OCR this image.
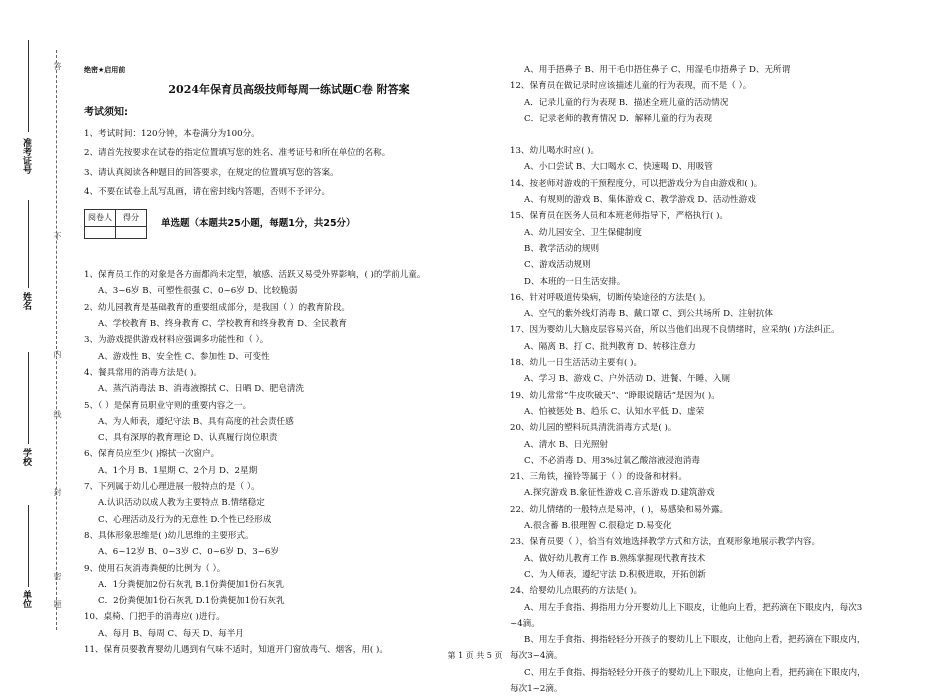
准考证号
姓名
学校
单位
答
不
内
线
封
密
题
绝密★启用前
2024年保育员高级技师每周一练试题C卷 附答案
考试须知:

1、考试时间：120分钟，本卷满分为100分。

2、请首先按要求在试卷的指定位置填写您的姓名、准考证号和所在单位的名称。

3、请认真阅读各种题目的回答要求，在规定的位置填写您的答案。

4、不要在试卷上乱写乱画，请在密封线内答题，否则不予评分。

阅卷人	得分

单选题（本题共25小题，每题1分，共25分）
1、保育员工作的对象是各方面都尚未定型，敏感、活跃又易受外界影响，( )的学前儿童。
A、3~6岁 B、可塑性很强 C、0~6岁 D、比较脆弱
2、幼儿园教育是基础教育的重要组成部分，是我国（ ）的教育阶段。
A、学校教育 B、终身教育 C、学校教育和终身教育 D、全民教育
3、为游戏提供游戏材料应强调多功能性和（ ）。
A、游戏性 B、安全性 C、参加性 D、可变性
4、餐具常用的消毒方法是( )。
A、蒸汽消毒法 B、消毒液擦拭 C、日晒 D、肥皂清洗
5、（ ）是保育员职业守则的重要内容之一。
A、为人师表，遵纪守法 B、具有高度的社会责任感
C、具有深厚的教育理论 D、认真履行岗位职责
6、保育员应至少( )擦拭一次窗户。
A、1个月 B、1星期 C、2个月 D、2星期
7、下列属于幼儿心理进展一般特点的是（ ）。
A.认识活动以成人教为主要特点 B.情绪稳定
C、心理活动及行为的无意性 D.个性已经形成
8、具体形象思维是( )幼儿思维的主要形式。
A、6~12岁 B、0~3岁 C、0~6岁 D、3~6岁
9、使用石灰消毒粪便的比例为（ ）。
A．1分粪便加2份石灰乳 B.1份粪便加1份石灰乳
C．2份粪便加1份石灰乳 D.1份粪便加1份石灰乳
10、桌椅、门把手的消毒应( )进行。
A、每月 B、每周 C、每天 D、每半月
11、保育员要教育婴幼儿遇到有气味不适时，知道开门窗放毒气、烟客，用( )。
A、用手捂鼻子 B、用干毛巾捂住鼻子 C、用湿毛巾捂鼻子 D、无所谓
12、保育员在做记录时应该描述儿童的行为表现，而不是（ ）。
A．记录儿童的行为表现 B．描述全班儿童的活动情况
C．记录老师的教育情况 D．解释儿童的行为表现
13、幼儿喝水时应( )。
A、小口尝试 B、大口喝水 C、快速喝 D、用吸管
14、按老师对游戏的干预程度分，可以把游戏分为自由游戏和( )。
A、有规则的游戏 B、集体游戏 C、教学游戏 D、活动性游戏
15、保育员在医务人员和本班老师指导下，严格执行( )。
A、幼儿园安全、卫生保健制度
B、教学活动的规则
C、游戏活动规则
D、本班的一日生活安排。
16、针对呼吸道传染病，切断传染途径的方法是( )。
A、空气的紫外线灯消毒 B、戴口罩 C、到公共场所 D、注射抗体
17、因为婴幼儿大脑皮层容易兴奋，所以当他们出现不良情绪时，应采纳( )方法纠正。
A、隔离 B、打 C、批判教育 D、转移注意力
18、幼儿一日生活活动主要有( )。
A、学习 B、游戏 C、户外活动 D、进餐、午睡、入厕
19、幼儿常常“牛皮吹破天”、“睁眼说瞎话”是因为( )。
A、怕被惩处 B、趋乐 C、认知水平低 D、虚荣
20、幼儿园的塑料玩具清洗消毒方式是( )。
A、清水 B、日光照射
C、不必消毒 D、用3%过氧乙酸溶液浸泡消毒
21、三角铁，撞铃等属于（ ）的设备和材料。
A.探究游戏 B.象征性游戏 C.音乐游戏 D.建筑游戏
22、幼儿情绪的一般特点是易冲，( )，易感染和易外露。
A.很含蓄 B.很理智 C.很稳定 D.易变化
23、保育员要（ ），恰当有效地选择教学方式和方法，直观形象地展示教学内容。
A、做好幼儿教育工作 B.熟练掌握现代教育技术
C、为人师表，遵纪守法 D.积极进取，开拓创新
24、给婴幼儿点眼药的方法是( )。
A、用左手食指、拇指用力分开婴幼儿上下眼皮，让他向上看，把药滴在下眼皮内，每次3
~4滴。
B、用左手食指、拇指轻轻分开孩子的婴幼儿上下眼皮，让他向上看，把药滴在下眼皮内，
每次3~4滴。
C、用左手食指、拇指轻轻分开孩子的婴幼儿上下眼皮，让他向上看，把药滴在下眼皮内，
每次1~2滴。
第 1 页 共 5 页
